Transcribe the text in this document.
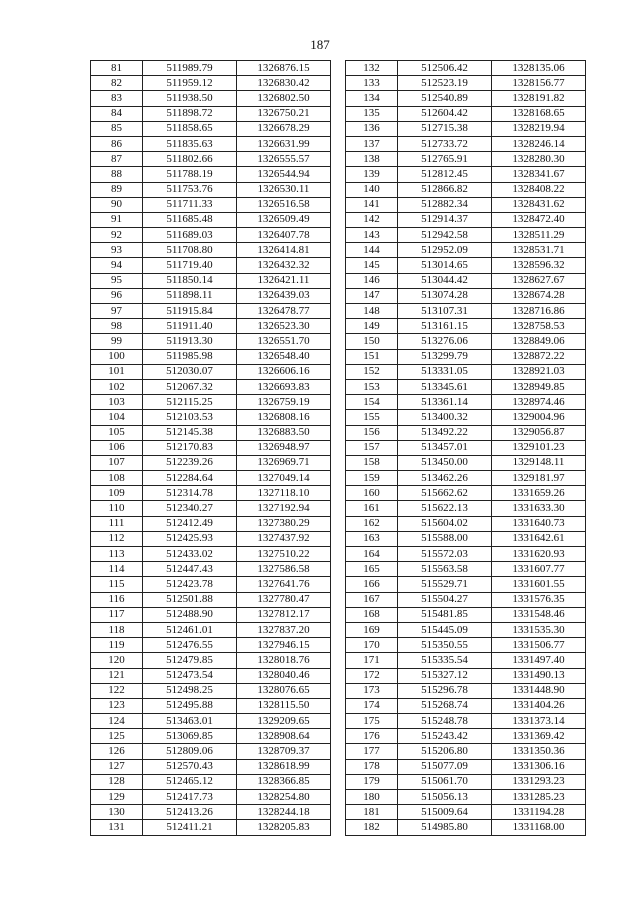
187
81	511989.79	1326876.15
82	511959.12	1326830.42
83	511938.50	1326802.50
84	511898.72	1326750.21
85	511858.65	1326678.29
86	511835.63	1326631.99
87	511802.66	1326555.57
88	511788.19	1326544.94
89	511753.76	1326530.11
90	511711.33	1326516.58
91	511685.48	1326509.49
92	511689.03	1326407.78
93	511708.80	1326414.81
94	511719.40	1326432.32
95	511850.14	1326421.11
96	511898.11	1326439.03
97	511915.84	1326478.77
98	511911.40	1326523.30
99	511913.30	1326551.70
100	511985.98	1326548.40
101	512030.07	1326606.16
102	512067.32	1326693.83
103	512115.25	1326759.19
104	512103.53	1326808.16
105	512145.38	1326883.50
106	512170.83	1326948.97
107	512239.26	1326969.71
108	512284.64	1327049.14
109	512314.78	1327118.10
110	512340.27	1327192.94
111	512412.49	1327380.29
112	512425.93	1327437.92
113	512433.02	1327510.22
114	512447.43	1327586.58
115	512423.78	1327641.76
116	512501.88	1327780.47
117	512488.90	1327812.17
118	512461.01	1327837.20
119	512476.55	1327946.15
120	512479.85	1328018.76
121	512473.54	1328040.46
122	512498.25	1328076.65
123	512495.88	1328115.50
124	513463.01	1329209.65
125	513069.85	1328908.64
126	512809.06	1328709.37
127	512570.43	1328618.99
128	512465.12	1328366.85
129	512417.73	1328254.80
130	512413.26	1328244.18
131	512411.21	1328205.83
132	512506.42	1328135.06
133	512523.19	1328156.77
134	512540.89	1328191.82
135	512604.42	1328168.65
136	512715.38	1328219.94
137	512733.72	1328246.14
138	512765.91	1328280.30
139	512812.45	1328341.67
140	512866.82	1328408.22
141	512882.34	1328431.62
142	512914.37	1328472.40
143	512942.58	1328511.29
144	512952.09	1328531.71
145	513014.65	1328596.32
146	513044.42	1328627.67
147	513074.28	1328674.28
148	513107.31	1328716.86
149	513161.15	1328758.53
150	513276.06	1328849.06
151	513299.79	1328872.22
152	513331.05	1328921.03
153	513345.61	1328949.85
154	513361.14	1328974.46
155	513400.32	1329004.96
156	513492.22	1329056.87
157	513457.01	1329101.23
158	513450.00	1329148.11
159	513462.26	1329181.97
160	515662.62	1331659.26
161	515622.13	1331633.30
162	515604.02	1331640.73
163	515588.00	1331642.61
164	515572.03	1331620.93
165	515563.58	1331607.77
166	515529.71	1331601.55
167	515504.27	1331576.35
168	515481.85	1331548.46
169	515445.09	1331535.30
170	515350.55	1331506.77
171	515335.54	1331497.40
172	515327.12	1331490.13
173	515296.78	1331448.90
174	515268.74	1331404.26
175	515248.78	1331373.14
176	515243.42	1331369.42
177	515206.80	1331350.36
178	515077.09	1331306.16
179	515061.70	1331293.23
180	515056.13	1331285.23
181	515009.64	1331194.28
182	514985.80	1331168.00
